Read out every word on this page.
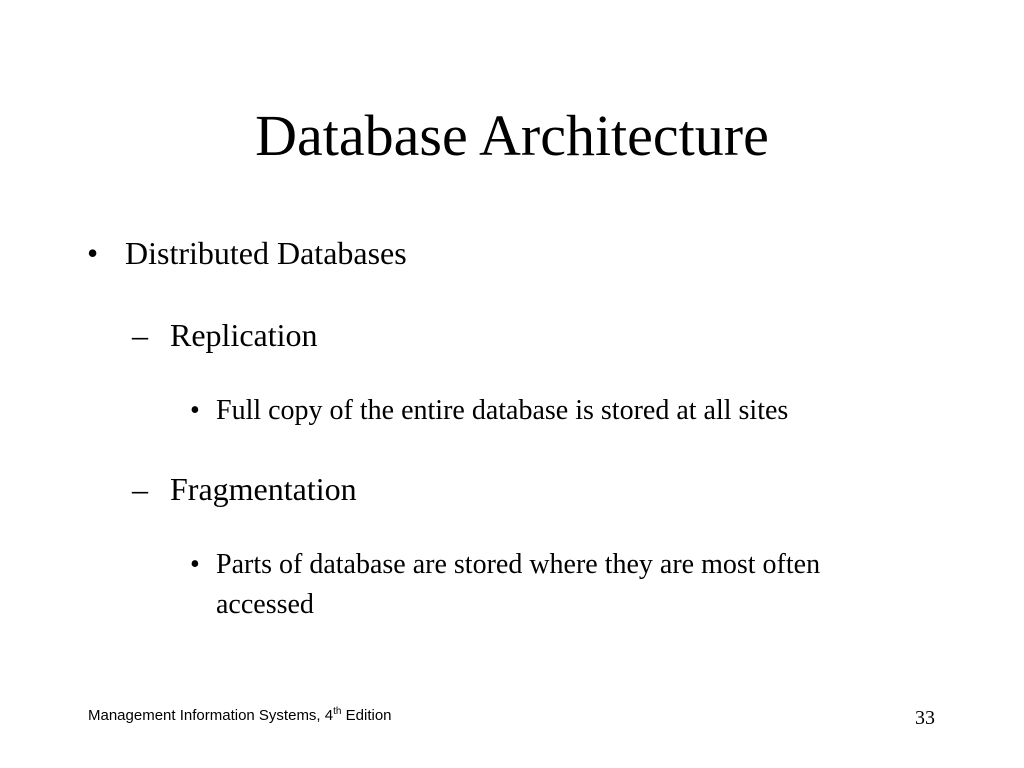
Database Architecture
• Distributed Databases
– Replication
• Full copy of the entire database is stored at all sites
– Fragmentation
• Parts of database are stored where they are most often accessed
Management Information Systems, 4th Edition	33
